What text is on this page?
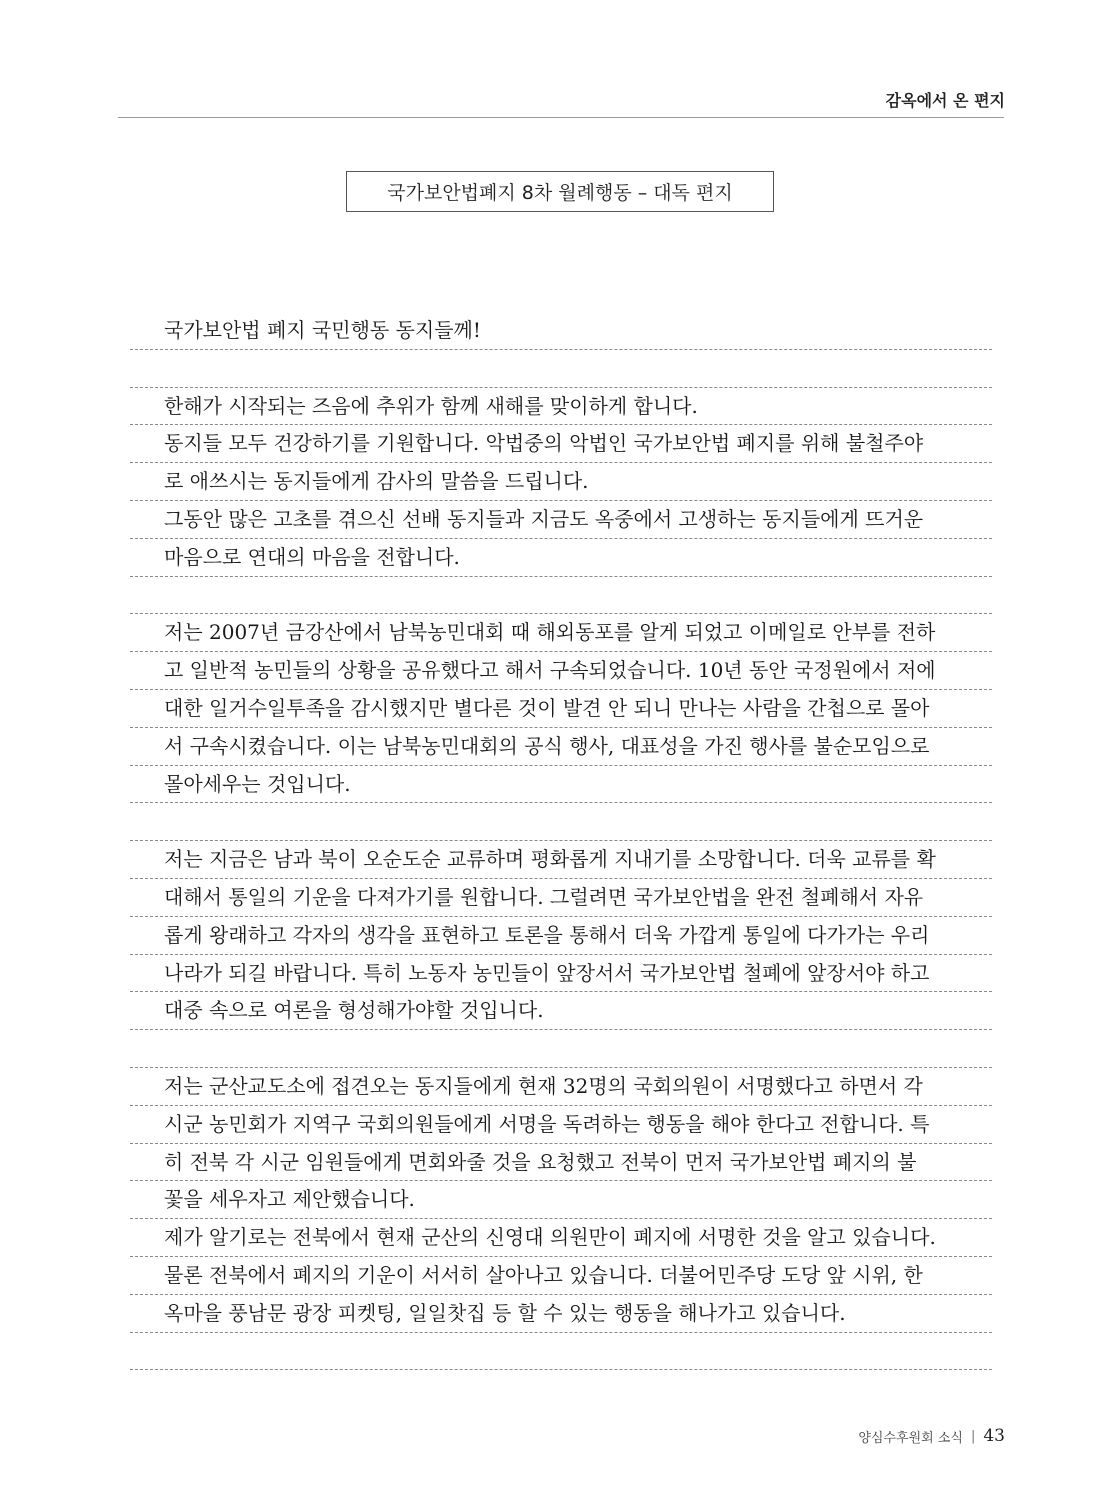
감옥에서 온 편지
국가보안법폐지 8차 월례행동 – 대독 편지
국가보안법 폐지 국민행동 동지들께!
한해가 시작되는 즈음에 추위가 함께 새해를 맞이하게 합니다.
동지들 모두 건강하기를 기원합니다. 악법중의 악법인 국가보안법 폐지를 위해 불철주야
로 애쓰시는 동지들에게 감사의 말씀을 드립니다.
그동안 많은 고초를 겪으신 선배 동지들과 지금도 옥중에서 고생하는 동지들에게 뜨거운
마음으로 연대의 마음을 전합니다.
저는 2007년 금강산에서 남북농민대회 때 해외동포를 알게 되었고 이메일로 안부를 전하
고 일반적 농민들의 상황을 공유했다고 해서 구속되었습니다. 10년 동안 국정원에서 저에
대한 일거수일투족을 감시했지만 별다른 것이 발견 안 되니 만나는 사람을 간첩으로 몰아
서 구속시켰습니다. 이는 남북농민대회의 공식 행사, 대표성을 가진 행사를 불순모임으로
몰아세우는 것입니다.
저는 지금은 남과 북이 오순도순 교류하며 평화롭게 지내기를 소망합니다. 더욱 교류를 확
대해서 통일의 기운을 다져가기를 원합니다. 그럴려면 국가보안법을 완전 철폐해서 자유
롭게 왕래하고 각자의 생각을 표현하고 토론을 통해서 더욱 가깝게 통일에 다가가는 우리
나라가 되길 바랍니다. 특히 노동자 농민들이 앞장서서 국가보안법 철폐에 앞장서야 하고
대중 속으로 여론을 형성해가야할 것입니다.
저는 군산교도소에 접견오는 동지들에게 현재 32명의 국회의원이 서명했다고 하면서 각
시군 농민회가 지역구 국회의원들에게 서명을 독려하는 행동을 해야 한다고 전합니다. 특
히 전북 각 시군 임원들에게 면회와줄 것을 요청했고 전북이 먼저 국가보안법 폐지의 불
꽃을 세우자고 제안했습니다.
제가 알기로는 전북에서 현재 군산의 신영대 의원만이 폐지에 서명한 것을 알고 있습니다.
물론 전북에서 폐지의 기운이 서서히 살아나고 있습니다. 더불어민주당 도당 앞 시위, 한
옥마을 풍남문 광장 피켓팅, 일일찻집 등 할 수 있는 행동을 해나가고 있습니다.
양심수후원회 소식 | 43
